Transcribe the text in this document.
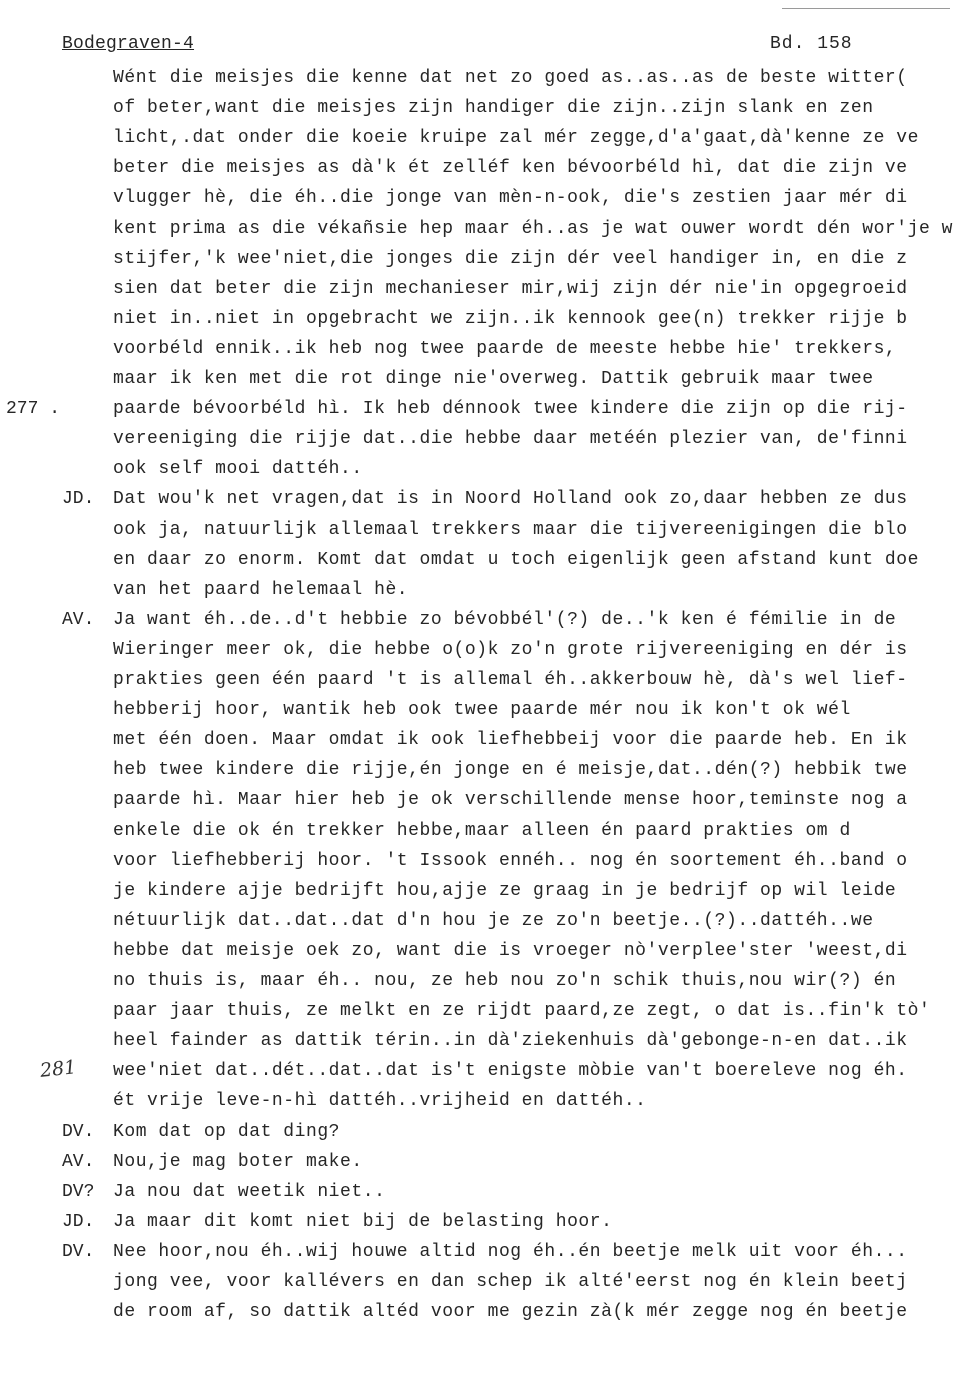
Bodegraven-4	Bd. 158
Wént die meisjes die kenne dat net zo goed as..as..as de beste witter(
of beter,want die meisjes zijn handiger die zijn..zijn slank en zen
licht,.dat onder die koeie kruipe zal mér zegge,d'a'gaat,dà'kenne ze ve
beter die meisjes as dà'k ét zelléf ken bévoorbéld hì, dat die zijn ve
vlugger hè, die éh..die jonge van mèn-n-ook, die's zestien jaar mér di
kent prima as die vékañsie hep maar éh..as je wat ouwer wordt dén wor'je w
stijfer,'k wee'niet,die jonges die zijn dér veel handiger in, en die z
sien dat beter die zijn mechanieser mir,wij zijn dér nie'in opgegroeid
niet in..niet in opgebracht we zijn..ik kennook gee(n) trekker rijje b
voorbéld ennik..ik heb nog twee paarde de meeste hebbe hie' trekkers,
maar ik ken met die rot dinge nie'overweg. Dattik gebruik maar twee
paarde bévoorbéld hì. Ik heb dénnook twee kindere die zijn op die rij-
vereeniging die rijje dat..die hebbe daar metéén plezier van, de'finni
ook self mooi dattéh..
JD. Dat wou'k net vragen,dat is in Noord Holland ook zo,daar hebben ze dus
ook ja, natuurlijk allemaal trekkers maar die tijvereenigingen die blo
en daar zo enorm. Komt dat omdat u toch eigenlijk geen afstand kunt doe
van het paard helemaal hè.
AV. Ja want éh..de..d't hebbie zo bévobbél'(?) de..'k ken é fémilie in de
Wieringer meer ok, die hebbe o(o)k zo'n grote rijvereeniging en dér is
prakties geen één paard 't is allemal éh..akkerbouw hè, dà's wel lief-
hebberij hoor, wantik heb ook twee paarde mér nou ik kon't ok wél
met één doen. Maar omdat ik ook liefhebbeij voor die paarde heb. En ik
heb twee kindere die rijje,én jonge en é meisje,dat..dén(?) hebbik twe
paarde hì. Maar hier heb je ok verschillende mense hoor,teminste nog a
enkele die ok én trekker hebbe,maar alleen én paard prakties om d
voor liefhebberij hoor. 't Issook ennéh.. nog én soortement éh..band o
je kindere ajje bedrijft hou,ajje ze graag in je bedrijf op wil leide
nétuurlijk dat..dat..dat d'n hou je ze zo'n beetje..(?)..dattéh..we
hebbe dat meisje oek zo, want die is vroeger nò'verplee'ster 'weest,di
no thuis is, maar éh.. nou, ze heb nou zo'n schik thuis,nou wir(?) én
paar jaar thuis, ze melkt en ze rijdt paard,ze zegt, o dat is..fin'k tò'
heel fainder as dattik térin..in dà'ziekenhuis dà'gebonge-n-en dat..ik
wee'niet dat..dét..dat..dat is't enigste mòbie van't boereleve nog éh.
ét vrije leve-n-hì dattéh..vrijheid en dattéh..
DV. Kom dat op dat ding?
AV. Nou,je mag boter make.
DV? Ja nou dat weetik niet..
JD. Ja maar dit komt niet bij de belasting hoor.
DV. Nee hoor,nou éh..wij houwe altid nog éh..én beetje melk uit voor éh...
jong vee, voor kallévers en dan schep ik alté'eerst nog én klein beetj
de room af, so dattik altéd voor me gezin zà(k mér zegge nog én beetje
277 .
281
